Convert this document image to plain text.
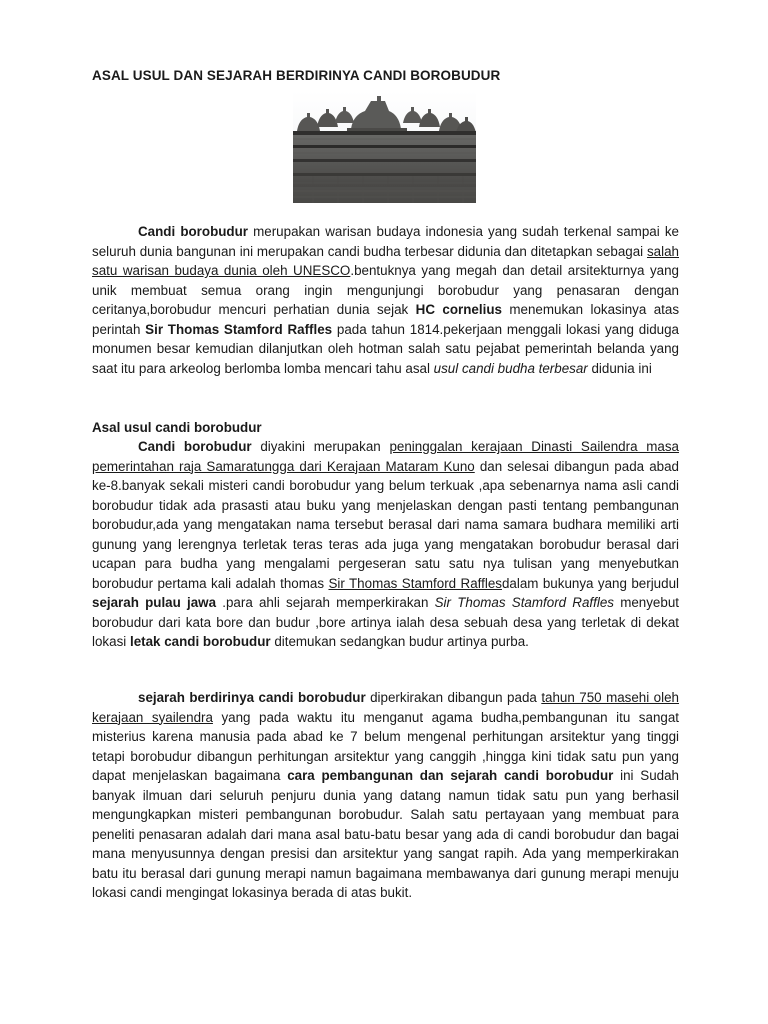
ASAL USUL DAN SEJARAH BERDIRINYA CANDI BOROBUDUR

Candi borobudur merupakan warisan budaya indonesia yang sudah terkenal sampai ke seluruh dunia bangunan ini merupakan candi budha terbesar didunia dan ditetapkan sebagai salah satu warisan budaya dunia oleh UNESCO.bentuknya yang megah dan detail arsitekturnya yang unik membuat semua orang ingin mengunjungi borobudur yang penasaran dengan ceritanya,borobudur mencuri perhatian dunia sejak HC cornelius menemukan lokasinya atas perintah Sir Thomas Stamford Raffles pada tahun 1814.pekerjaan menggali lokasi yang diduga monumen besar kemudian dilanjutkan oleh hotman salah satu pejabat pemerintah belanda yang saat itu para arkeolog berlomba lomba mencari tahu asal usul candi budha terbesar didunia ini

Asal usul candi borobudur

Candi borobudur diyakini merupakan peninggalan kerajaan Dinasti Sailendra masa pemerintahan raja Samaratungga dari Kerajaan Mataram Kuno dan selesai dibangun pada abad ke-8.banyak sekali misteri candi borobudur yang belum terkuak ,apa sebenarnya nama asli candi borobudur tidak ada prasasti atau buku yang menjelaskan dengan pasti tentang pembangunan borobudur,ada yang mengatakan nama tersebut berasal dari nama samara budhara memiliki arti gunung yang lerengnya terletak teras teras ada juga yang mengatakan borobudur berasal dari ucapan para budha yang mengalami pergeseran satu satu nya tulisan yang menyebutkan borobudur pertama kali adalah thomas Sir Thomas Stamford Rafflesdalam bukunya yang berjudul sejarah pulau jawa .para ahli sejarah memperkirakan Sir Thomas Stamford Raffles menyebut borobudur dari kata bore dan budur ,bore artinya ialah desa sebuah desa yang terletak di dekat lokasi letak candi borobudur ditemukan sedangkan budur artinya purba.

sejarah berdirinya candi borobudur diperkirakan dibangun pada tahun 750 masehi oleh kerajaan syailendra yang pada waktu itu menganut agama budha,pembangunan itu sangat misterius karena manusia pada abad ke 7 belum mengenal perhitungan arsitektur yang tinggi tetapi borobudur dibangun perhitungan arsitektur yang canggih ,hingga kini tidak satu pun yang dapat menjelaskan bagaimana cara pembangunan dan sejarah candi borobudur ini Sudah banyak ilmuan dari seluruh penjuru dunia yang datang namun tidak satu pun yang berhasil mengungkapkan misteri pembangunan borobudur. Salah satu pertayaan yang membuat para peneliti penasaran adalah dari mana asal batu-batu besar yang ada di candi borobudur dan bagai mana menyusunnya dengan presisi dan arsitektur yang sangat rapih. Ada yang memperkirakan batu itu berasal dari gunung merapi namun bagaimana membawanya dari gunung merapi menuju lokasi candi mengingat lokasinya berada di atas bukit.
